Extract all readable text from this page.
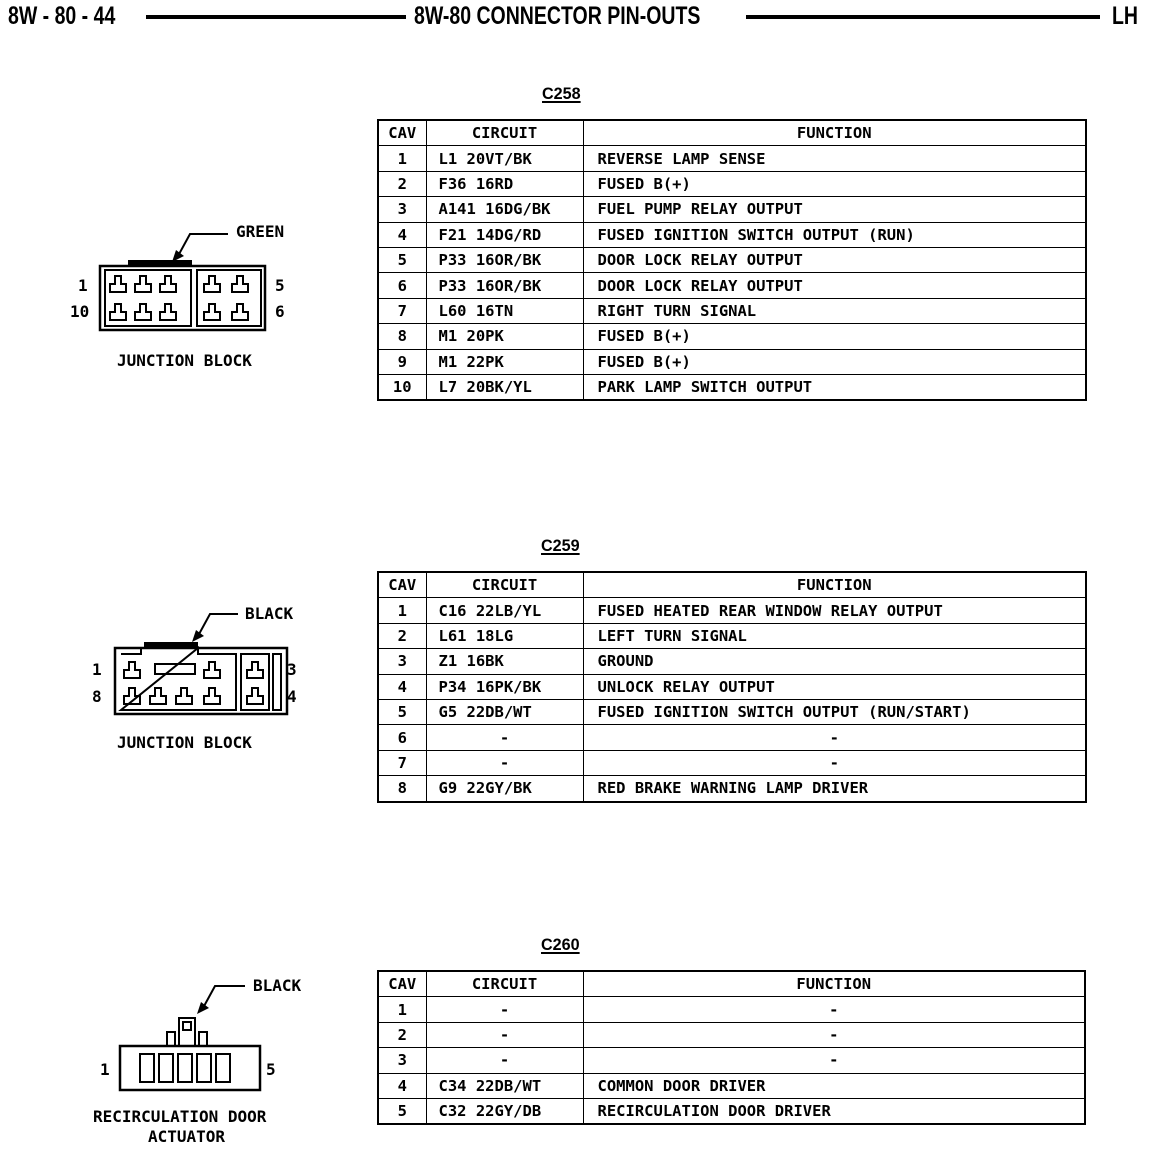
8W - 80 - 44	8W-80 CONNECTOR PIN-OUTS	LH
C258
CAV	CIRCUIT	FUNCTION
1	L1 20VT/BK	REVERSE LAMP SENSE
2	F36 16RD	FUSED B(+)
3	A141 16DG/BK	FUEL PUMP RELAY OUTPUT
4	F21 14DG/RD	FUSED IGNITION SWITCH OUTPUT (RUN)
5	P33 16OR/BK	DOOR LOCK RELAY OUTPUT
6	P33 16OR/BK	DOOR LOCK RELAY OUTPUT
7	L60 16TN	RIGHT TURN SIGNAL
8	M1 20PK	FUSED B(+)
9	M1 22PK	FUSED B(+)
10	L7 20BK/YL	PARK LAMP SWITCH OUTPUT
GREEN
1
10
5
6
JUNCTION BLOCK
C259
CAV	CIRCUIT	FUNCTION
1	C16 22LB/YL	FUSED HEATED REAR WINDOW RELAY OUTPUT
2	L61 18LG	LEFT TURN SIGNAL
3	Z1 16BK	GROUND
4	P34 16PK/BK	UNLOCK RELAY OUTPUT
5	G5 22DB/WT	FUSED IGNITION SWITCH OUTPUT (RUN/START)
6	-	-
7	-	-
8	G9 22GY/BK	RED BRAKE WARNING LAMP DRIVER
BLACK
1
8
3
4
JUNCTION BLOCK
C260
CAV	CIRCUIT	FUNCTION
1	-	-
2	-	-
3	-	-
4	C34 22DB/WT	COMMON DOOR DRIVER
5	C32 22GY/DB	RECIRCULATION DOOR DRIVER
BLACK
1	5
RECIRCULATION DOOR
ACTUATOR
